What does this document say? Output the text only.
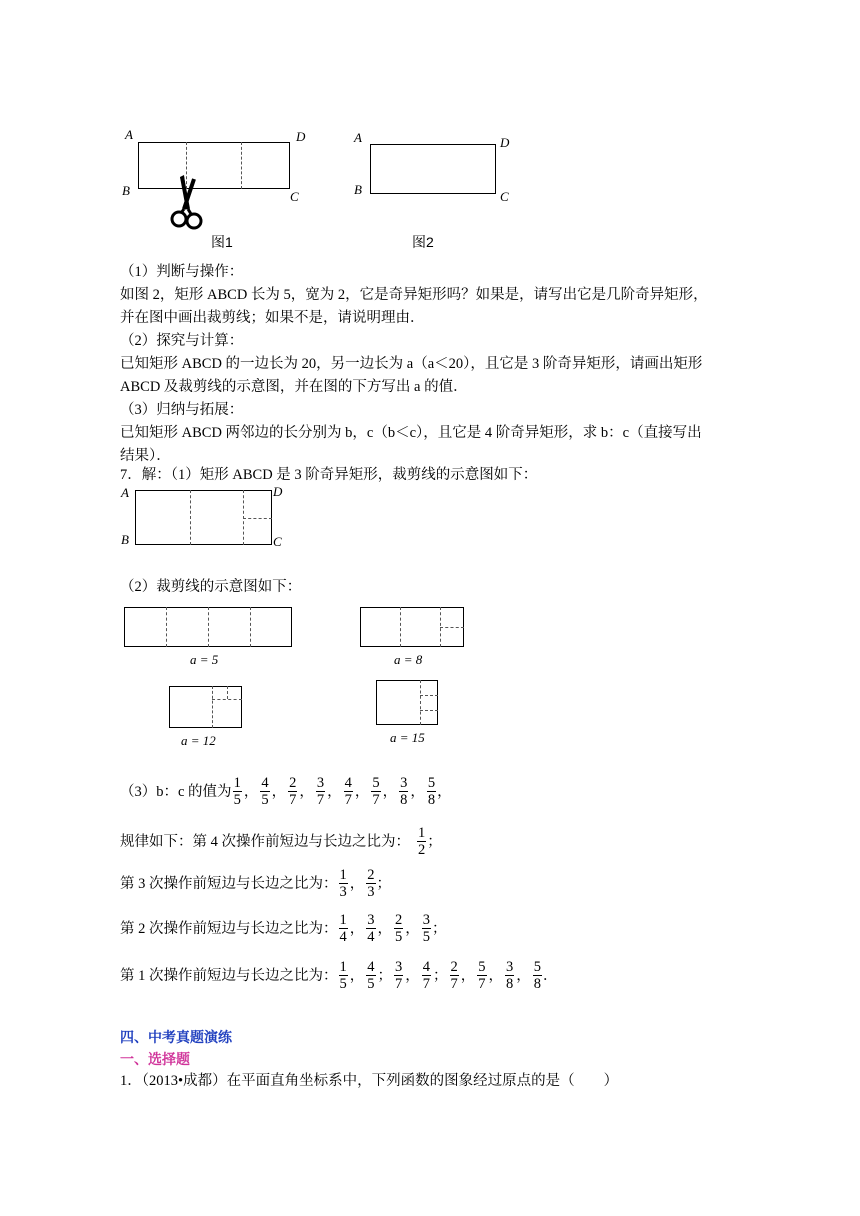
A	D
B	C
图1
A	D
B	C
图2
（1）判断与操作：
如图 2，矩形 ABCD 长为 5，宽为 2，它是奇异矩形吗？如果是，请写出它是几阶奇异矩形，
并在图中画出裁剪线；如果不是，请说明理由．
（2）探究与计算：
已知矩形 ABCD 的一边长为 20，另一边长为 a（a＜20），且它是 3 阶奇异矩形，请画出矩形
ABCD 及裁剪线的示意图，并在图的下方写出 a 的值．
（3）归纳与拓展：
已知矩形 ABCD 两邻边的长分别为 b，c（b＜c），且它是 4 阶奇异矩形，求 b：c（直接写出
结果）．
7．解：（1）矩形 ABCD 是 3 阶奇异矩形，裁剪线的示意图如下：
A	D
B	C
（2）裁剪线的示意图如下：
a = 5	a = 8
a = 12	a = 15
（3）b：c 的值为 $\frac{1}{5}$ ， $\frac{4}{5}$ ， $\frac{2}{7}$ ， $\frac{3}{7}$ ， $\frac{4}{7}$ ， $\frac{5}{7}$ ， $\frac{3}{8}$ ， $\frac{5}{8}$ ，
规律如下：第 4 次操作前短边与长边之比为： $\frac{1}{2}$ ；
第 3 次操作前短边与长边之比为： $\frac{1}{3}$ ， $\frac{2}{3}$ ；
第 2 次操作前短边与长边之比为： $\frac{1}{4}$ ， $\frac{3}{4}$ ， $\frac{2}{5}$ ， $\frac{3}{5}$ ；
第 1 次操作前短边与长边之比为： $\frac{1}{5}$ ， $\frac{4}{5}$ ； $\frac{3}{7}$ ， $\frac{4}{7}$ ； $\frac{2}{7}$ ， $\frac{5}{7}$ ， $\frac{3}{8}$ ， $\frac{5}{8}$ ．
四、中考真题演练
一、选择题
1．（2013•成都）在平面直角坐标系中，下列函数的图象经过原点的是（　　）
